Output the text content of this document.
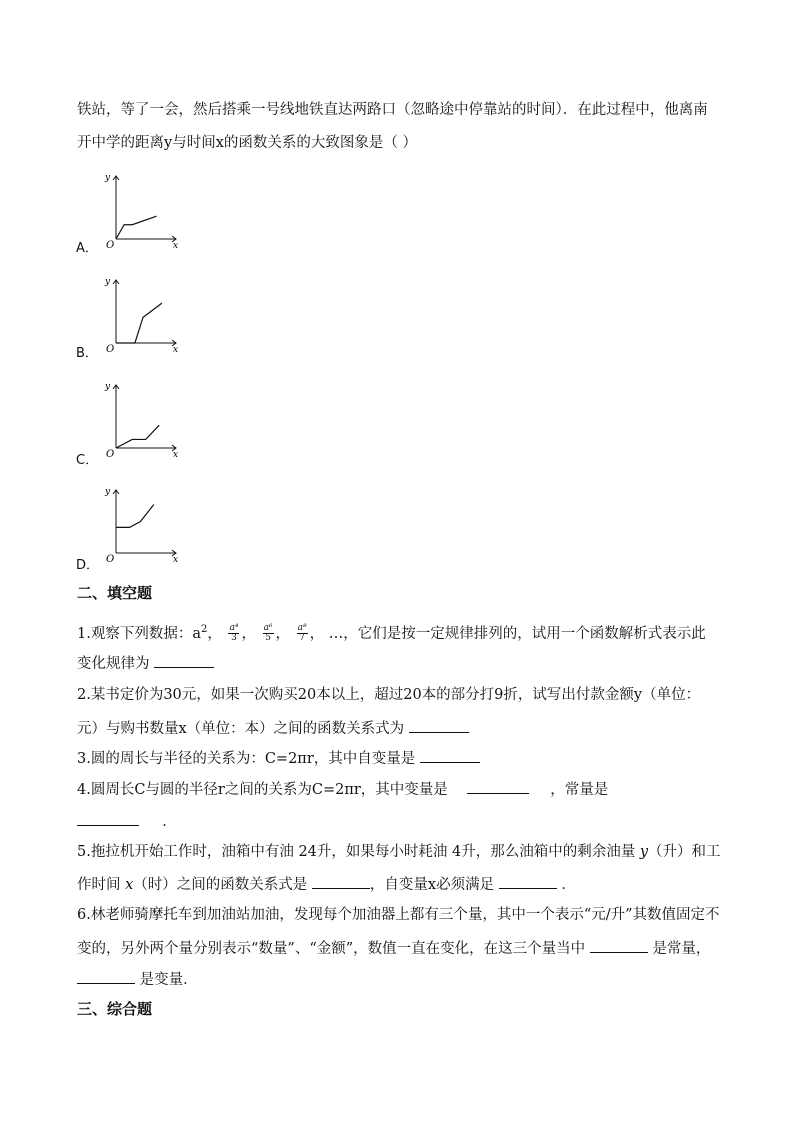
铁站，等了一会，然后搭乘一号线地铁直达两路口（忽略途中停靠站的时间）．在此过程中，他离南
开中学的距离y与时间x的函数关系的大致图象是（ ）
A．
y
x
O
B．
y
x
O
C．
y
x
O
D．
y
x
O
二、填空题
1.观察下列数据：$a^2$， $\frac{\text{a⁴}}{3}$ ， $\frac{\text{a⁶}}{5}$ ， $\frac{\text{a⁸}}{7}$ ， …，它们是按一定规律排列的，试用一个函数解析式表示此
变化规律为
2.某书定价为30元，如果一次购买20本以上，超过20本的部分打9折，试写出付款金额y（单位：
元）与购书数量x（单位：本）之间的函数关系式为
3.圆的周长与半径的关系为：C=2πr，其中自变量是
4.圆周长C与圆的半径r之间的关系为C=2πr，其中变量是	，常量是
．
5.拖拉机开始工作时，油箱中有油 24升，如果每小时耗油 4升，那么油箱中的剩余油量 y（升）和工
作时间 x（时）之间的函数关系式是	，自变量x必须满足	．
6.林老师骑摩托车到加油站加油，发现每个加油器上都有三个量，其中一个表示“元/升”其数值固定不
变的，另外两个量分别表示“数量”、“金额”，数值一直在变化，在这三个量当中	是常量，
是变量．
三、综合题
